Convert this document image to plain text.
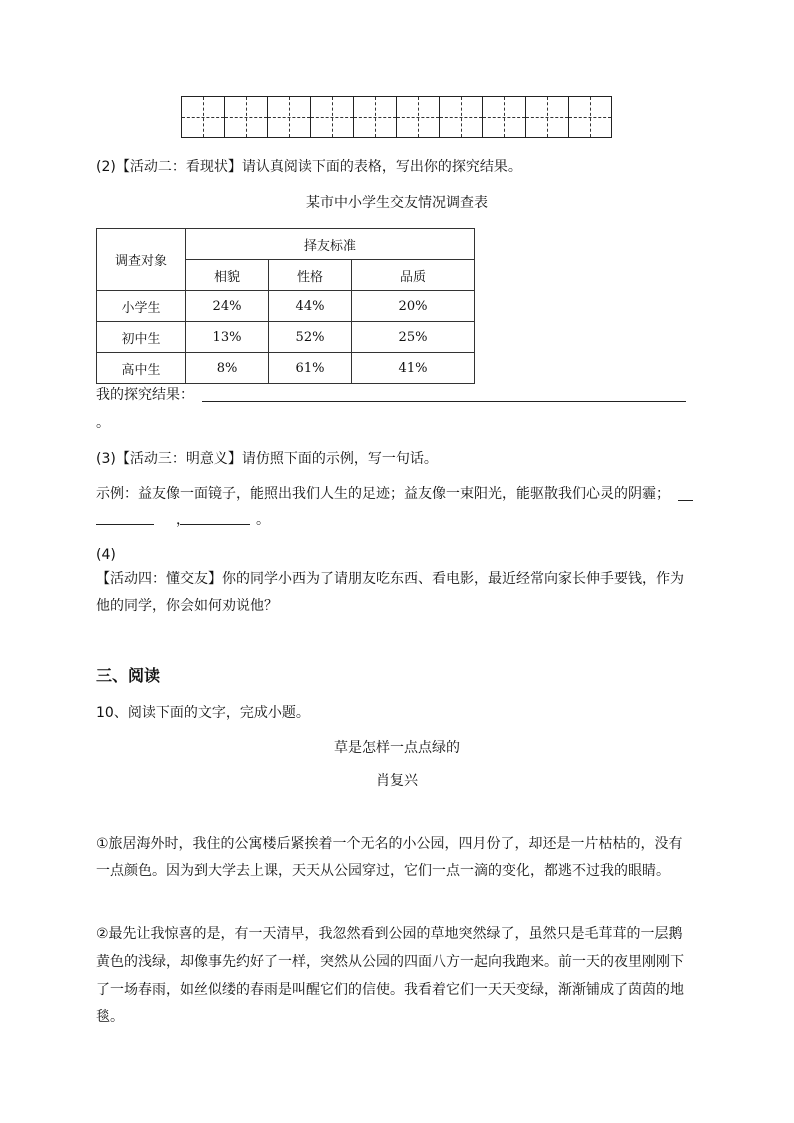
(2)【活动二：看现状】请认真阅读下面的表格，写出你的探究结果。
某市中小学生交友情况调查表
调查对象	择友标准		
	相貌	性格	品质
小学生	24%	44%	20%
初中生	13%	52%	25%
高中生	8%	61%	41%
我的探究结果：
。
(3)【活动三：明意义】请仿照下面的示例，写一句话。
示例：益友像一面镜子，能照出我们人生的足迹；益友像一束阳光，能驱散我们心灵的阴霾；
，	。
(4)
【活动四：懂交友】你的同学小西为了请朋友吃东西、看电影，最近经常向家长伸手要钱，作为
他的同学，你会如何劝说他？
三、阅读
10、阅读下面的文字，完成小题。
草是怎样一点点绿的
肖复兴
①旅居海外时，我住的公寓楼后紧挨着一个无名的小公园，四月份了，却还是一片枯枯的，没有
一点颜色。因为到大学去上课，天天从公园穿过，它们一点一滴的变化，都逃不过我的眼睛。
②最先让我惊喜的是，有一天清早，我忽然看到公园的草地突然绿了，虽然只是毛茸茸的一层鹅
黄色的浅绿，却像事先约好了一样，突然从公园的四面八方一起向我跑来。前一天的夜里刚刚下
了一场春雨，如丝似缕的春雨是叫醒它们的信使。我看着它们一天天变绿，渐渐铺成了茵茵的地
毯。
